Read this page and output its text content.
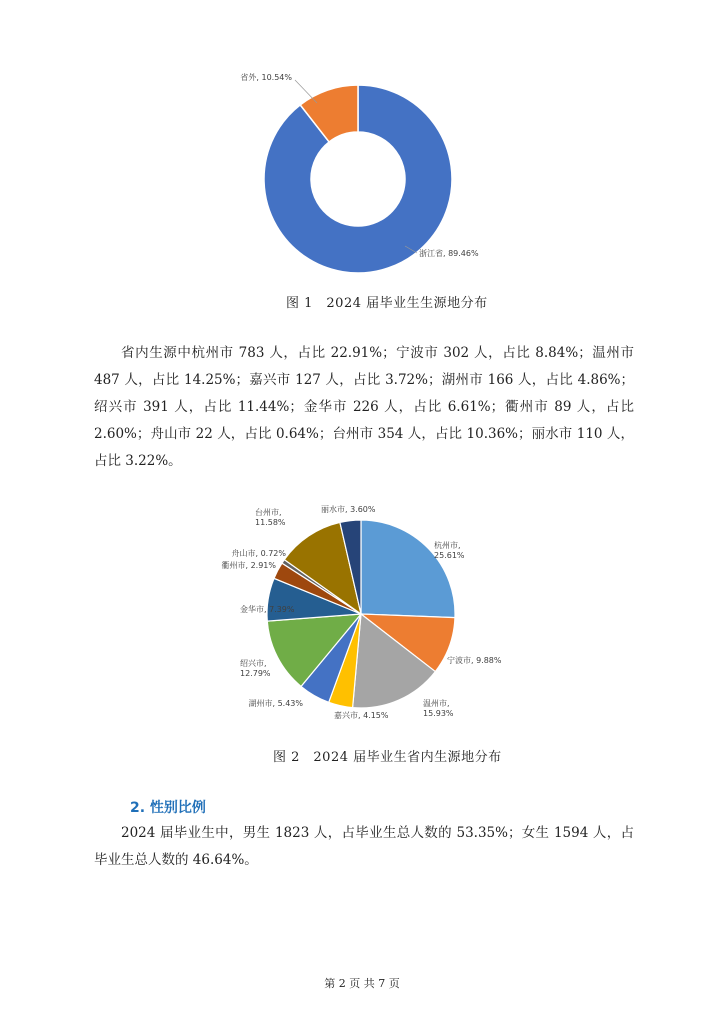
浙江省, 89.46%
省外, 10.54%
图 1　2024 届毕业生生源地分布
省内生源中杭州市 783 人，占比 22.91%；宁波市 302 人，占比 8.84%；温州市 487 人，占比 14.25%；嘉兴市 127 人，占比 3.72%；湖州市 166 人，占比 4.86%；绍兴市 391 人，占比 11.44%；金华市 226 人，占比 6.61%；衢州市 89 人，占比 2.60%；舟山市 22 人，占比 0.64%；台州市 354 人，占比 10.36%；丽水市 110 人，占比 3.22%。
杭州市, 25.61%
宁波市, 9.88%
温州市, 15.93%
嘉兴市, 4.15%
湖州市, 5.43%
绍兴市, 12.79%
金华市, 7.39%
衢州市, 2.91%
舟山市, 0.72%
台州市, 11.58%
丽水市, 3.60%
图 2　2024 届毕业生省内生源地分布
2. 性别比例
2024 届毕业生中，男生 1823 人，占毕业生总人数的 53.35%；女生 1594 人，占毕业生总人数的 46.64%。
第 2 页 共 7 页
